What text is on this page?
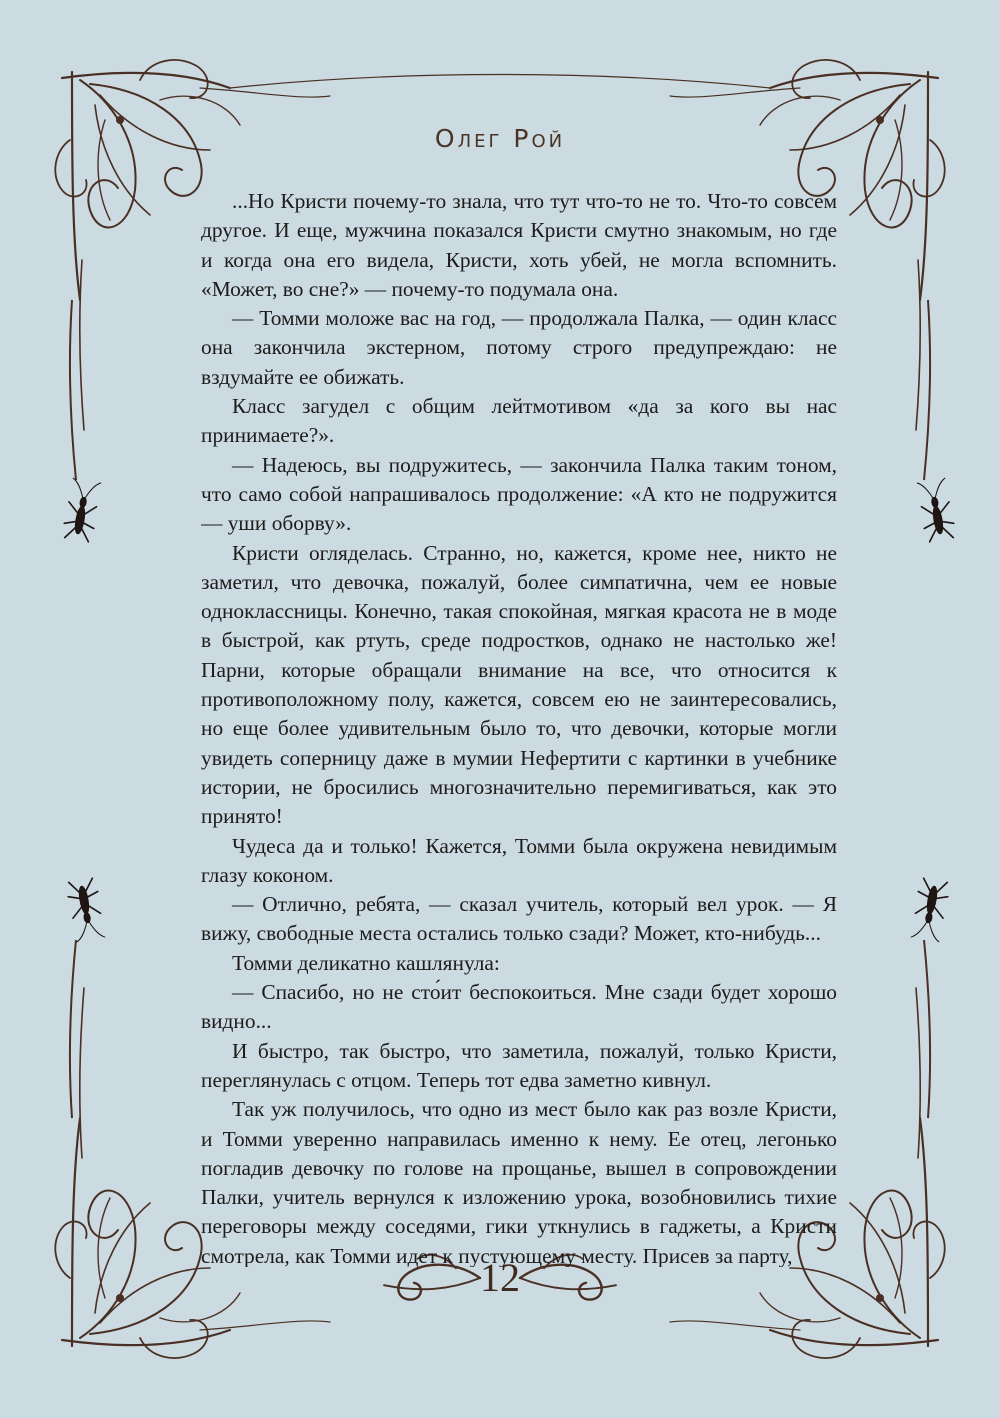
Олег Рой

...Но Кристи почему-то знала, что тут что-то не то. Что-то совсем другое. И еще, мужчина показался Кристи смутно знакомым, но где и когда она его видела, Кристи, хоть убей, не могла вспомнить. «Может, во сне?» — почему-то подумала она.

— Томми моложе вас на год, — продолжала Палка, — один класс она закончила экстерном, потому строго предупреждаю: не вздумайте ее обижать.

Класс загудел с общим лейтмотивом «да за кого вы нас принимаете?».

— Надеюсь, вы подружитесь, — закончила Палка таким тоном, что само собой напрашивалось продолжение: «А кто не подружится — уши оборву».

Кристи огляделась. Странно, но, кажется, кроме нее, никто не заметил, что девочка, пожалуй, более симпатична, чем ее новые одноклассницы. Конечно, такая спокойная, мягкая красота не в моде в быстрой, как ртуть, среде подростков, однако не настолько же! Парни, которые обращали внимание на все, что относится к противоположному полу, кажется, совсем ею не заинтересовались, но еще более удивительным было то, что девочки, которые могли увидеть соперницу даже в мумии Нефертити с картинки в учебнике истории, не бросились многозначительно перемигиваться, как это принято!

Чудеса да и только! Кажется, Томми была окружена невидимым глазу коконом.

— Отлично, ребята, — сказал учитель, который вел урок. — Я вижу, свободные места остались только сзади? Может, кто-нибудь...

Томми деликатно кашлянула:

— Спасибо, но не сто́ит беспокоиться. Мне сзади будет хорошо видно...

И быстро, так быстро, что заметила, пожалуй, только Кристи, переглянулась с отцом. Теперь тот едва заметно кивнул.

Так уж получилось, что одно из мест было как раз возле Кристи, и Томми уверенно направилась именно к нему. Ее отец, легонько погладив девочку по голове на прощанье, вышел в сопровождении Палки, учитель вернулся к изложению урока, возобновились тихие переговоры между соседями, гики уткнулись в гаджеты, а Кристи смотрела, как Томми идет к пустующему месту. Присев за парту,

12
